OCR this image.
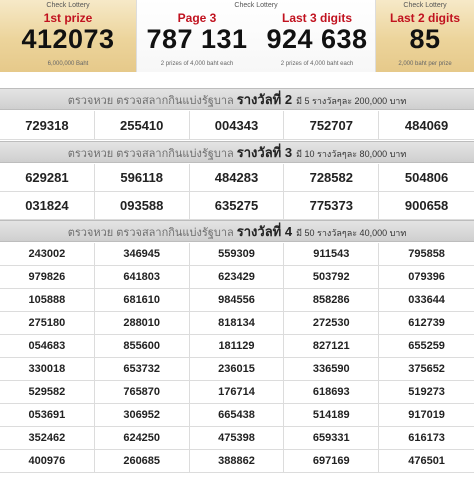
Check Lottery
1st prize
412073
6,000,000 Baht
Check Lottery
Page 3
787 131
2 prizes of 4,000 baht each
Last 3 digits
924 638
2 prizes of 4,000 baht each
Check Lottery
Last 2 digits
85
2,000 baht per prize
ตรวจหวย ตรวจสลากกินแบ่งรัฐบาล รางวัลที่ 2 มี 5 รางวัลๆละ 200,000 บาท
729318	255410	004343	752707	484069
ตรวจหวย ตรวจสลากกินแบ่งรัฐบาล รางวัลที่ 3 มี 10 รางวัลๆละ 80,000 บาท
629281	596118	484283	728582	504806
031824	093588	635275	775373	900658
ตรวจหวย ตรวจสลากกินแบ่งรัฐบาล รางวัลที่ 4 มี 50 รางวัลๆละ 40,000 บาท
243002	346945	559309	911543	795858
979826	641803	623429	503792	079396
105888	681610	984556	858286	033644
275180	288010	818134	272530	612739
054683	855600	181129	827121	655259
330018	653732	236015	336590	375652
529582	765870	176714	618693	519273
053691	306952	665438	514189	917019
352462	624250	475398	659331	616173
400976	260685	388862	697169	476501
